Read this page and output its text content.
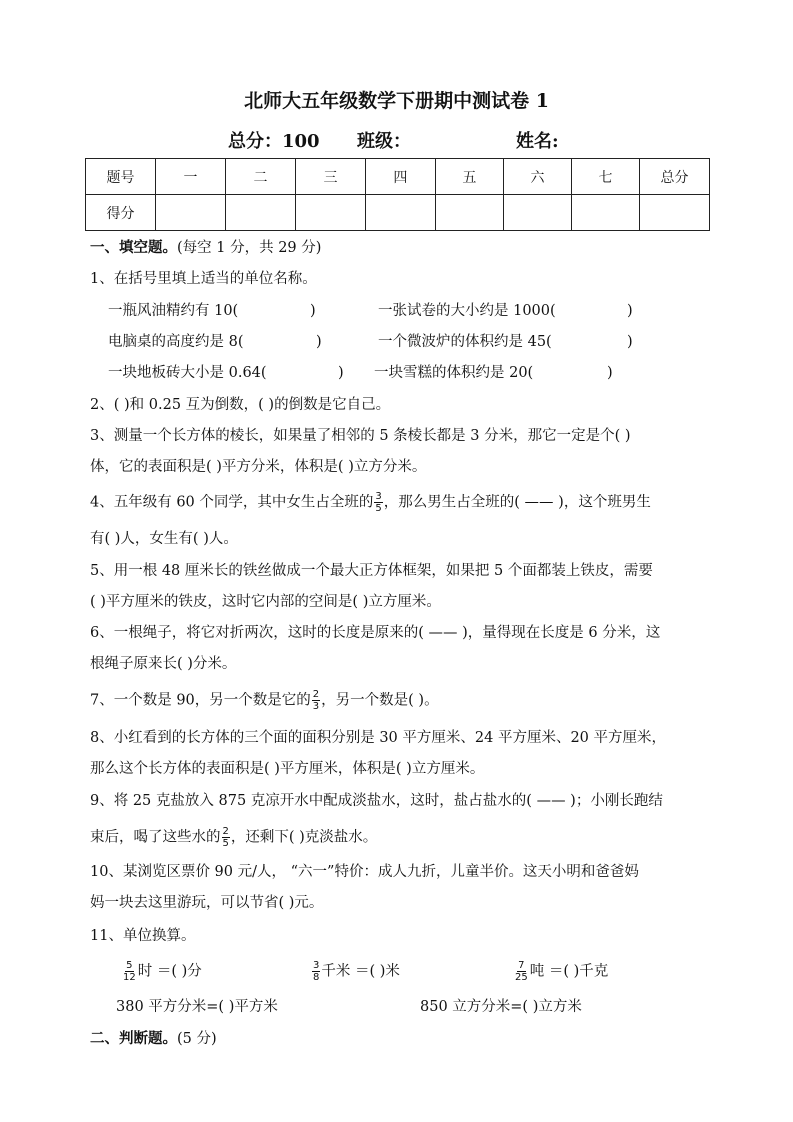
北师大五年级数学下册期中测试卷 1
总分：100 班级：	姓名:
题号	一	二	三	四	五	六	七	总分
得分								
一、填空题。(每空 1 分，共 29 分)
1、在括号里填上适当的单位名称。
一瓶风油精约有 10(	)	一张试卷的大小约是 1000(	)
电脑桌的高度约是 8(	)	一个微波炉的体积约是 45(	)
一块地板砖大小是 0.64(	) 一块雪糕的体积约是 20(	)
2、( )和 0.25 互为倒数，( )的倒数是它自己。
3、测量一个长方体的棱长，如果量了相邻的 5 条棱长都是 3 分米，那它一定是个( )
体，它的表面积是( )平方分米，体积是( )立方分米。
4、五年级有 60 个同学，其中女生占全班的 $\frac{3}{5}$ ，那么男生占全班的( —— )，这个班男生
有( )人，女生有( )人。
5、用一根 48 厘米长的铁丝做成一个最大正方体框架，如果把 5 个面都装上铁皮，需要
( )平方厘米的铁皮，这时它内部的空间是( )立方厘米。
6、一根绳子，将它对折两次，这时的长度是原来的( —— )，量得现在长度是 6 分米，这
根绳子原来长( )分米。
7、一个数是 90，另一个数是它的 $\frac{2}{3}$ ，另一个数是( )。
8、小红看到的长方体的三个面的面积分别是 30 平方厘米、24 平方厘米、20 平方厘米，
那么这个长方体的表面积是( )平方厘米，体积是( )立方厘米。
9、将 25 克盐放入 875 克凉开水中配成淡盐水，这时，盐占盐水的( —— )；小刚长跑结
束后，喝了这些水的 $\frac{2}{5}$ ，还剩下( )克淡盐水。
10、某浏览区票价 90 元/人， “六一”特价：成人九折，儿童半价。这天小明和爸爸妈
妈一块去这里游玩，可以节省( )元。
11、单位换算。
$\frac{5}{12}$ 时 ＝( )分	$\frac{3}{8}$ 千米 ＝( )米	$\frac{7}{25}$ 吨 ＝( )千克
380 平方分米=( )平方米	850 立方分米=( )立方米
二、判断题。(5 分)
